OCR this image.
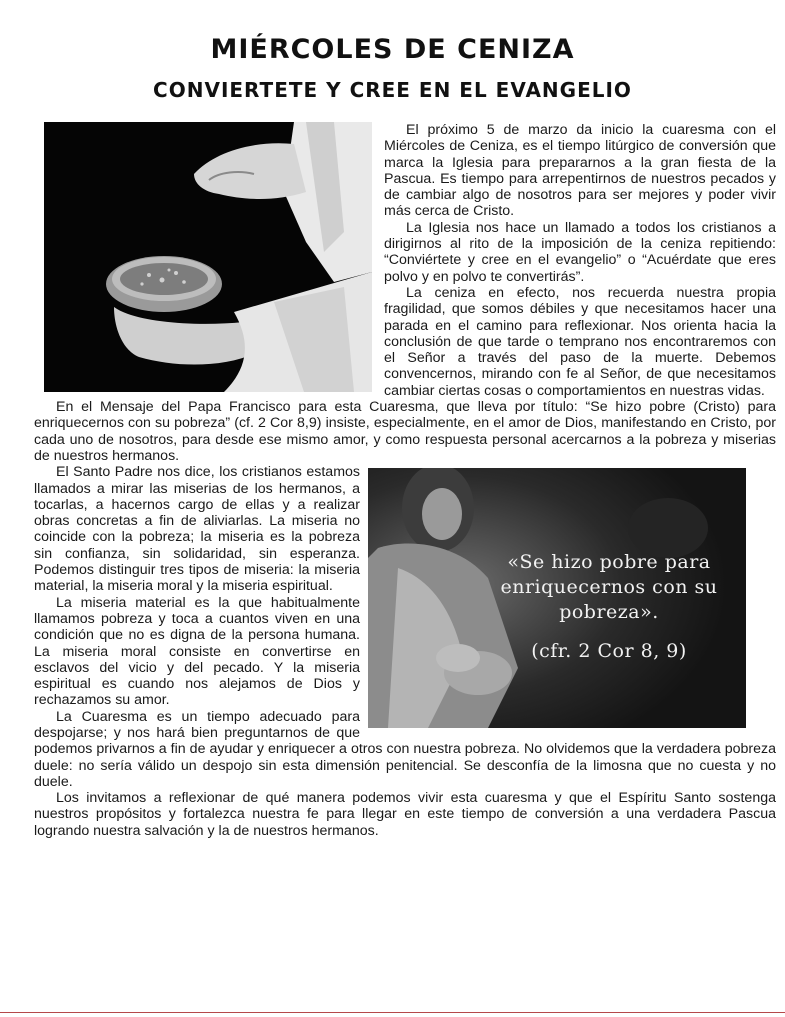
MIÉRCOLES DE CENIZA
CONVIERTETE Y CREE EN EL EVANGELIO

El próximo 5 de marzo da inicio la cuaresma con el Miércoles de Ceniza, es el tiempo litúrgico de conversión que marca la Iglesia para prepararnos a la gran fiesta de la Pascua. Es tiempo para arrepentirnos de nuestros pecados y de cambiar algo de nosotros para ser mejores y poder vivir más cerca de Cristo.

La Iglesia nos hace un llamado a todos los cristianos a dirigirnos al rito de la imposición de la ceniza repitiendo: “Conviértete y cree en el evangelio” o “Acuérdate que eres polvo y en polvo te convertirás”.

La ceniza en efecto, nos recuerda nuestra propia fragilidad, que somos débiles y que necesitamos hacer una parada en el camino para reflexionar. Nos orienta hacia la conclusión de que tarde o temprano nos encontraremos con el Señor a través del paso de la muerte. Debemos convencernos, mirando con fe al Señor, de que necesitamos cambiar ciertas cosas o comportamientos en nuestras vidas.

En el Mensaje del Papa Francisco para esta Cuaresma, que lleva por título: “Se hizo pobre (Cristo) para enriquecernos con su pobreza” (cf. 2 Cor 8,9) insiste, especialmente, en el amor de Dios, manifestando en Cristo, por cada uno de nosotros, para desde ese mismo amor, y como respuesta personal acercarnos a la pobreza y miserias de nuestros hermanos.

«Se hizo pobre para enriquecernos con su pobreza».
(cfr. 2 Cor 8, 9)

El Santo Padre nos dice, los cristianos estamos llamados a mirar las miserias de los hermanos, a tocarlas, a hacernos cargo de ellas y a realizar obras concretas a fin de aliviarlas. La miseria no coincide con la pobreza; la miseria es la pobreza sin confianza, sin solidaridad, sin esperanza. Podemos distinguir tres tipos de miseria: la miseria material, la miseria moral y la miseria espiritual.

La miseria material es la que habitualmente llamamos pobreza y toca a cuantos viven en una condición que no es digna de la persona humana. La miseria moral consiste en convertirse en esclavos del vicio y del pecado. Y la miseria espiritual es cuando nos alejamos de Dios y rechazamos su amor.

La Cuaresma es un tiempo adecuado para despojarse; y nos hará bien preguntarnos de que podemos privarnos a fin de ayudar y enriquecer a otros con nuestra pobreza. No olvidemos que la verdadera pobreza duele: no sería válido un despojo sin esta dimensión penitencial. Se desconfía de la limosna que no cuesta y no duele.

Los invitamos a reflexionar de qué manera podemos vivir esta cuaresma y que el Espíritu Santo sostenga nuestros propósitos y fortalezca nuestra fe para llegar en este tiempo de conversión a una verdadera Pascua logrando nuestra salvación y la de nuestros hermanos.
